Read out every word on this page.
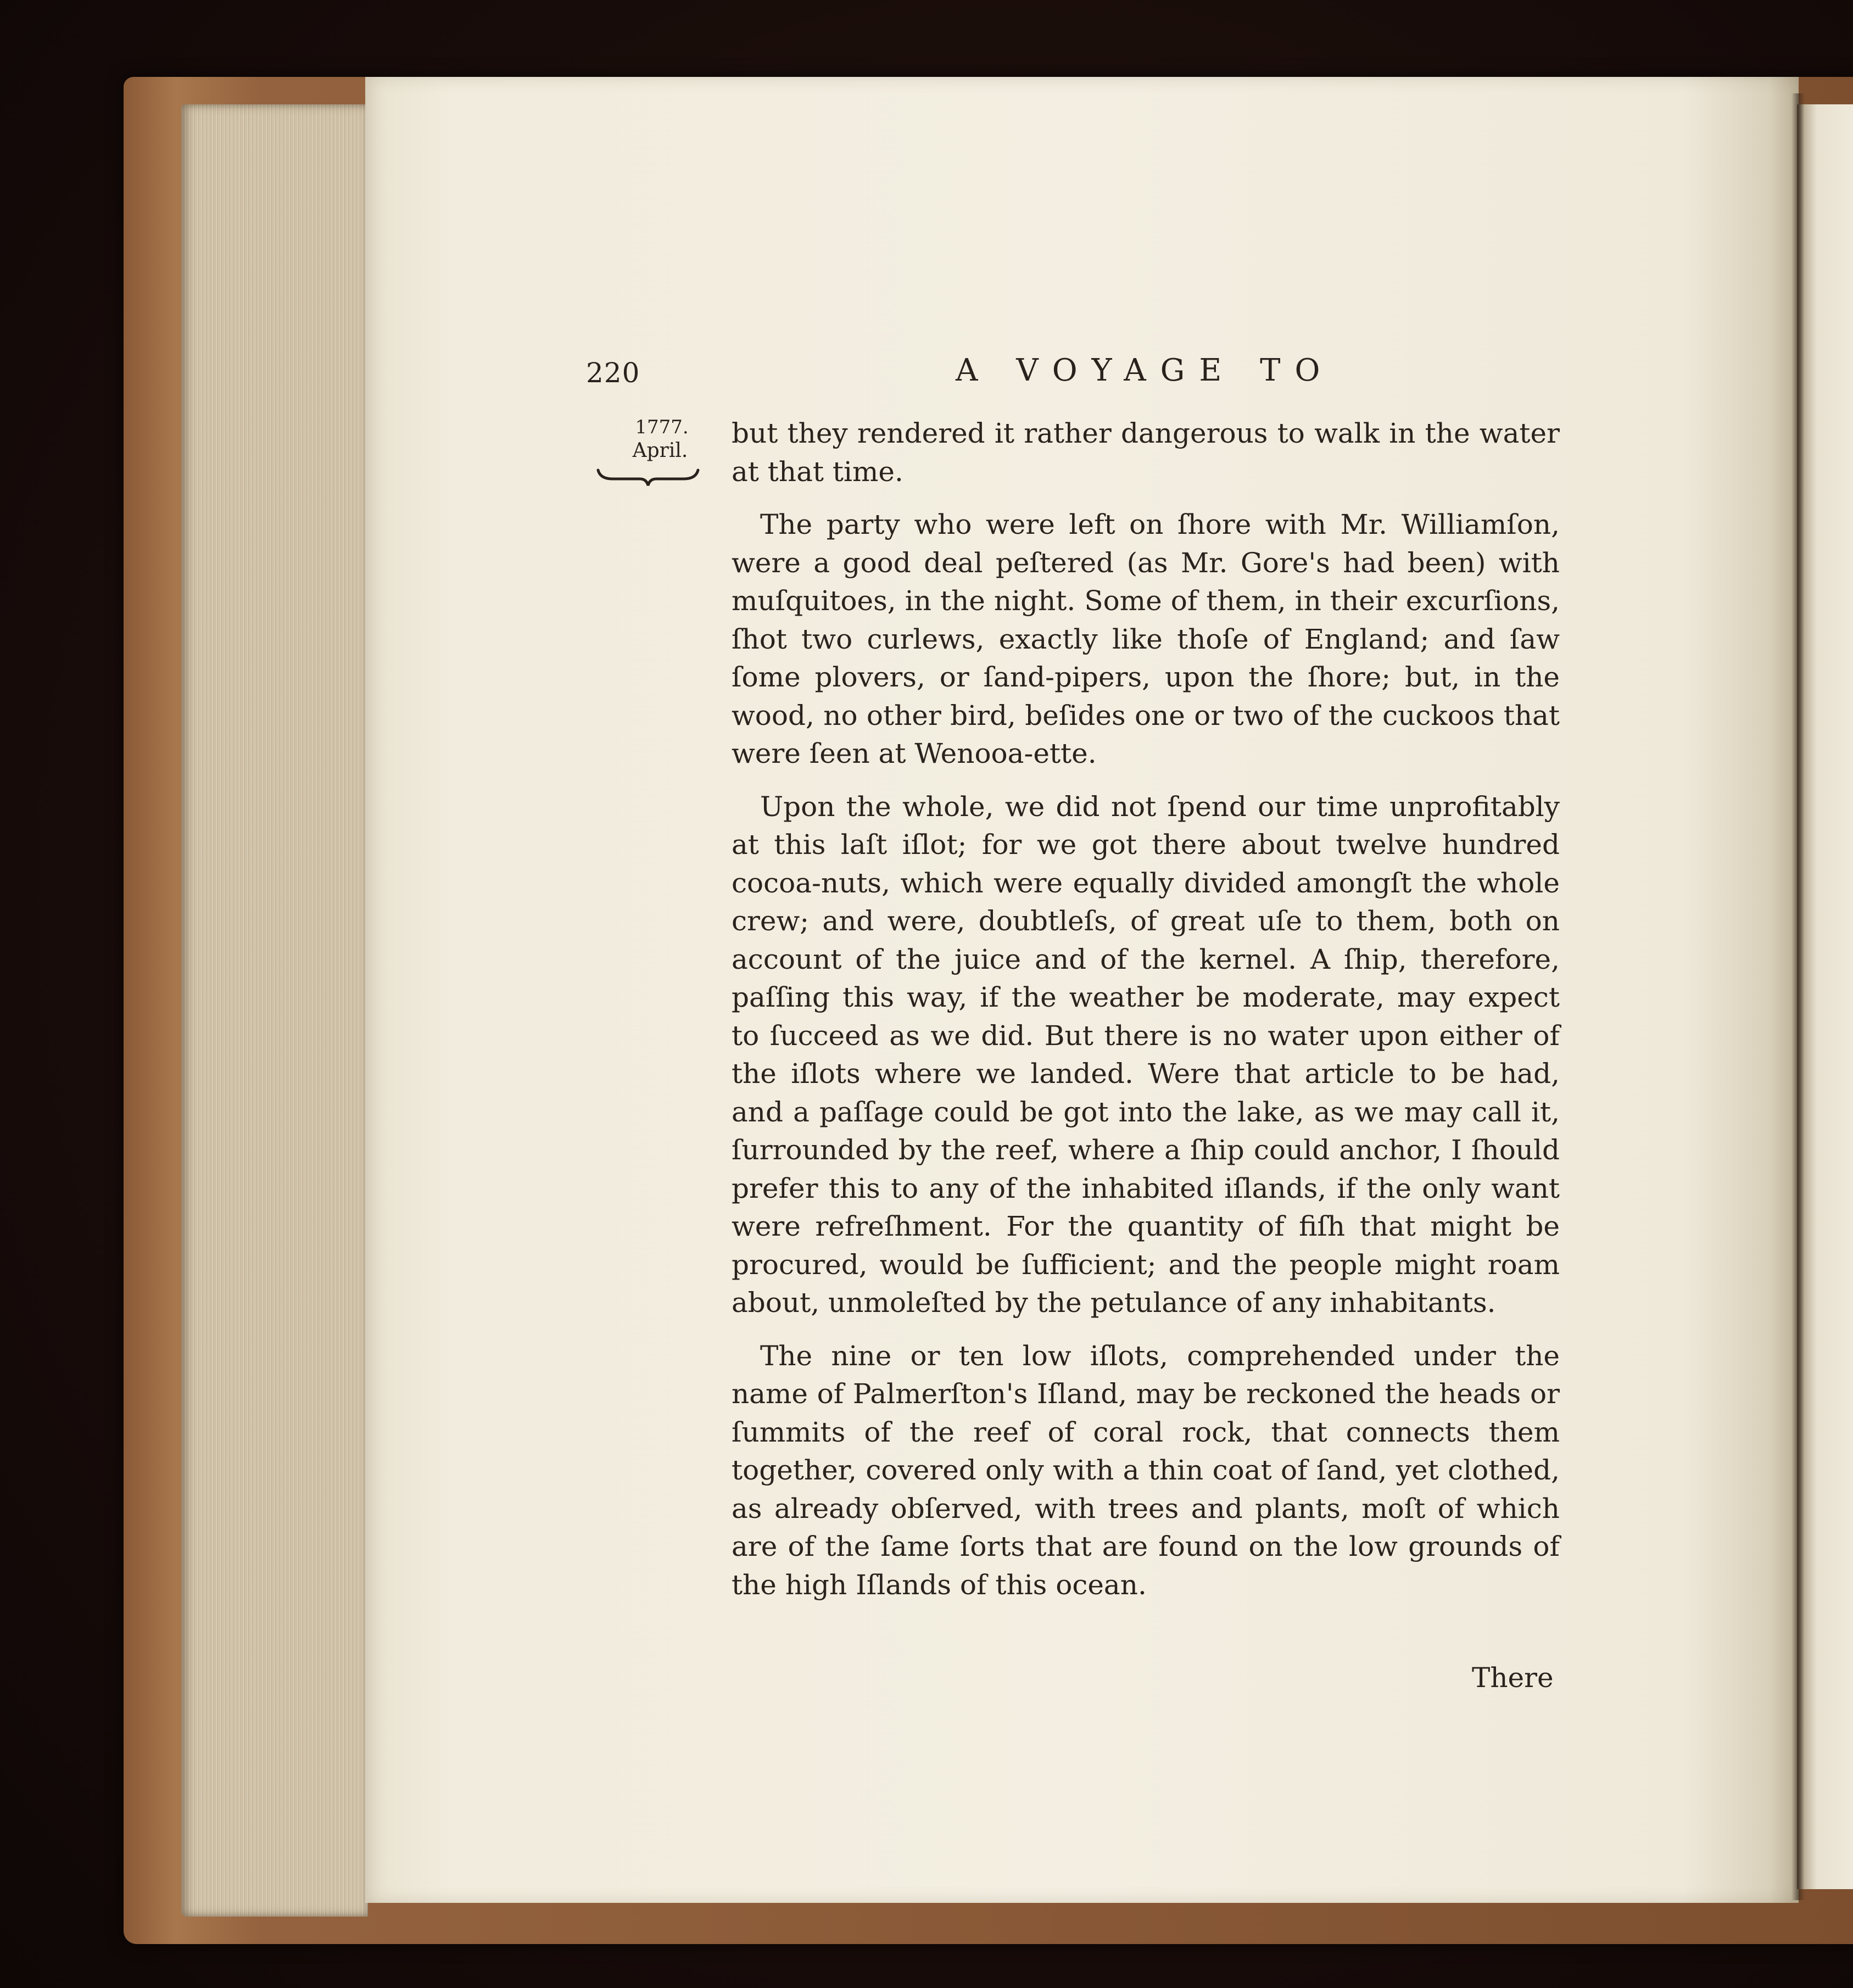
220	A VOYAGE TO
1777.
April.

but they rendered it rather dangerous to walk in the water at that time.

The party who were left on ſhore with Mr. Williamſon, were a good deal peſtered (as Mr. Gore's had been) with muſquitoes, in the night. Some of them, in their excurſions, ſhot two curlews, exactly like thoſe of England; and ſaw ſome plovers, or ſand-pipers, upon the ſhore; but, in the wood, no other bird, beſides one or two of the cuckoos that were ſeen at Wenooa-ette.

Upon the whole, we did not ſpend our time unprofitably at this laſt iſlot; for we got there about twelve hundred cocoa-nuts, which were equally divided amongſt the whole crew; and were, doubtleſs, of great uſe to them, both on account of the juice and of the kernel. A ſhip, therefore, paſſing this way, if the weather be moderate, may expect to ſucceed as we did. But there is no water upon either of the iſlots where we landed. Were that article to be had, and a paſſage could be got into the lake, as we may call it, ſurrounded by the reef, where a ſhip could anchor, I ſhould prefer this to any of the inhabited iſlands, if the only want were refreſhment. For the quantity of fiſh that might be procured, would be ſufficient; and the people might roam about, unmoleſted by the petulance of any inhabitants.

The nine or ten low iſlots, comprehended under the name of Palmerſton's Iſland, may be reckoned the heads or ſummits of the reef of coral rock, that connects them together, covered only with a thin coat of ſand, yet clothed, as already obſerved, with trees and plants, moſt of which are of the ſame ſorts that are found on the low grounds of the high Iſlands of this ocean.

There
